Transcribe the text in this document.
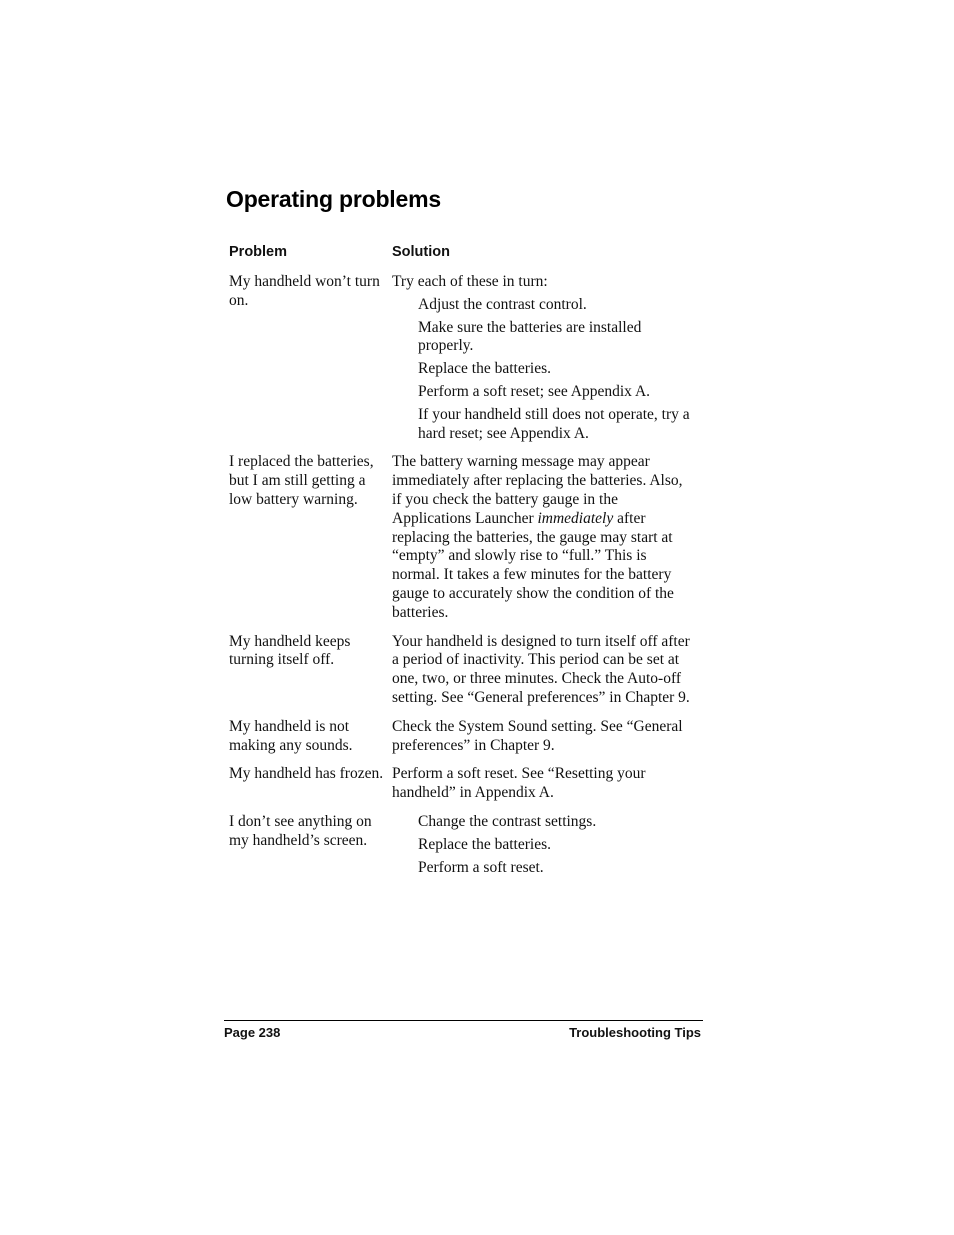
Operating problems
Problem	Solution
My handheld won’t turn on.
Try each of these in turn:
Adjust the contrast control.
Make sure the batteries are installed properly.
Replace the batteries.
Perform a soft reset; see Appendix A.
If your handheld still does not operate, try a hard reset; see Appendix A.
I replaced the batteries, but I am still getting a low battery warning.
The battery warning message may appear immediately after replacing the batteries. Also, if you check the battery gauge in the Applications Launcher immediately after replacing the batteries, the gauge may start at “empty” and slowly rise to “full.” This is normal. It takes a few minutes for the battery gauge to accurately show the condition of the batteries.
My handheld keeps turning itself off.
Your handheld is designed to turn itself off after a period of inactivity. This period can be set at one, two, or three minutes. Check the Auto-off setting. See “General preferences” in Chapter 9.
My handheld is not making any sounds.
Check the System Sound setting. See “General preferences” in Chapter 9.
My handheld has frozen. Perform a soft reset. See “Resetting your handheld” in Appendix A.
I don’t see anything on my handheld’s screen.
Change the contrast settings.
Replace the batteries.
Perform a soft reset.
Page 238	Troubleshooting Tips
